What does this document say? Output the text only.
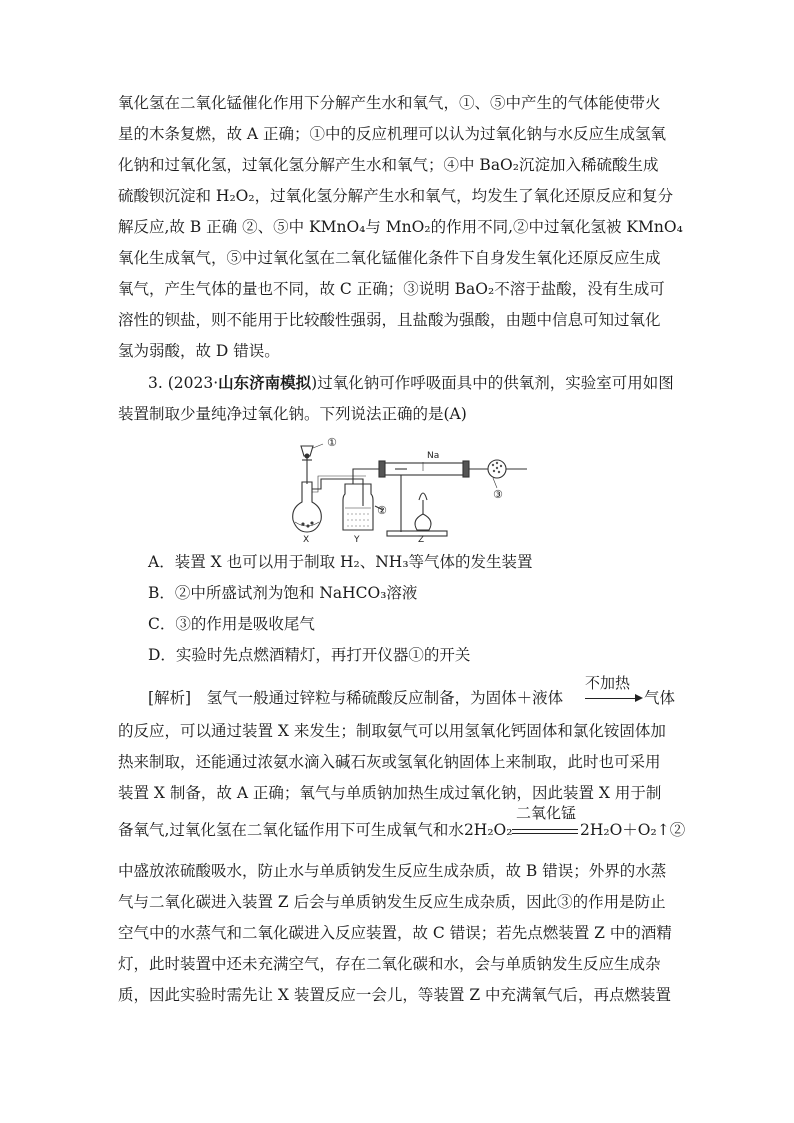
氧化氢在二氧化锰催化作用下分解产生水和氧气，①、⑤中产生的气体能使带火
星的木条复燃，故 A 正确；①中的反应机理可以认为过氧化钠与水反应生成氢氧
化钠和过氧化氢，过氧化氢分解产生水和氧气；④中 BaO₂沉淀加入稀硫酸生成
硫酸钡沉淀和 H₂O₂，过氧化氢分解产生水和氧气，均发生了氧化还原反应和复分
解反应,故 B 正确 ②、⑤中 KMnO₄与 MnO₂的作用不同,②中过氧化氢被 KMnO₄
氧化生成氧气，⑤中过氧化氢在二氧化锰催化条件下自身发生氧化还原反应生成
氧气，产生气体的量也不同，故 C 正确；③说明 BaO₂不溶于盐酸，没有生成可
溶性的钡盐，则不能用于比较酸性强弱，且盐酸为强酸，由题中信息可知过氧化
氢为弱酸，故 D 错误。
3. (2023·山东济南模拟)过氧化钠可作呼吸面具中的供氧剂，实验室可用如图
装置制取少量纯净过氧化钠。下列说法正确的是(A)
①
②
③
Na
X	Y	Z
A．装置 X 也可以用于制取 H₂、NH₃等气体的发生装置
B．②中所盛试剂为饱和 NaHCO₃溶液
C．③的作用是吸收尾气
D．实验时先点燃酒精灯，再打开仪器①的开关
[解析]　 氢气一般通过锌粒与稀硫酸反应制备，为固体＋液体
不加热
气体
的反应，可以通过装置 X 来发生；制取氨气可以用氢氧化钙固体和氯化铵固体加
热来制取，还能通过浓氨水滴入碱石灰或氢氧化钠固体上来制取，此时也可采用
装置 X 制备，故 A 正确；氧气与单质钠加热生成过氧化钠，因此装置 X 用于制
备氧气,过氧化氢在二氧化锰作用下可生成氧气和水2H₂O₂
二氧化锰
2H₂O＋O₂↑②
中盛放浓硫酸吸水，防止水与单质钠发生反应生成杂质，故 B 错误；外界的水蒸
气与二氧化碳进入装置 Z 后会与单质钠发生反应生成杂质，因此③的作用是防止
空气中的水蒸气和二氧化碳进入反应装置，故 C 错误；若先点燃装置 Z 中的酒精
灯，此时装置中还未充满空气，存在二氧化碳和水，会与单质钠发生反应生成杂
质，因此实验时需先让 X 装置反应一会儿，等装置 Z 中充满氧气后，再点燃装置
